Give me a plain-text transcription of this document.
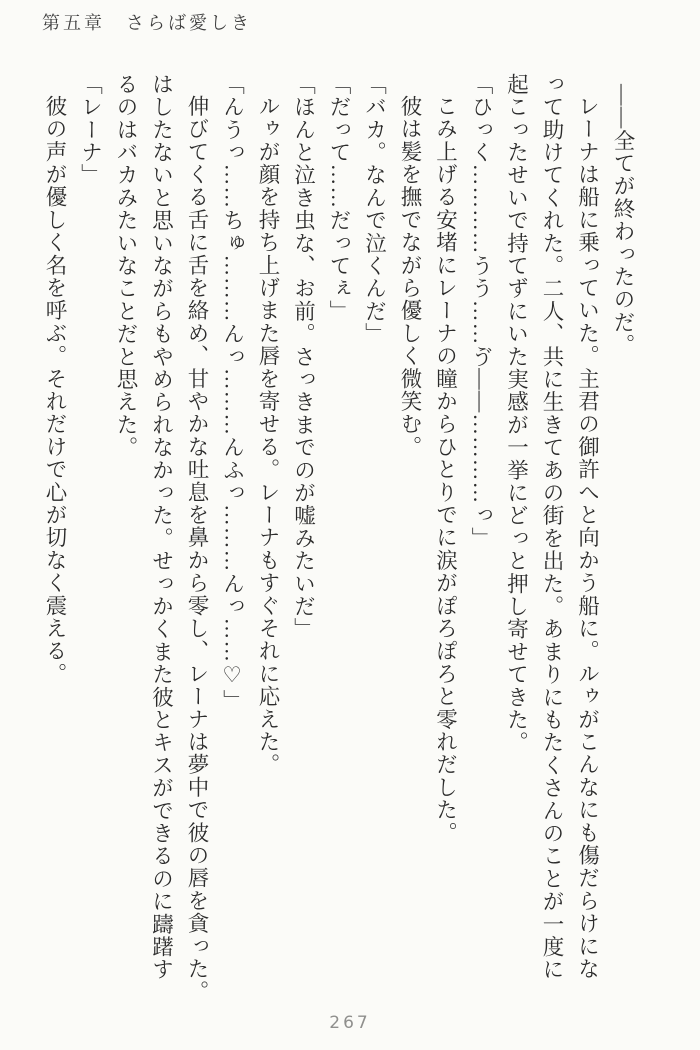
第五章　さらば愛しき

——全てが終わったのだ。

レーナは船に乗っていた。主君の御許へと向かう船に。ルゥがこんなにも傷だらけにな

って助けてくれた。二人、共に生きてあの街を出た。あまりにもたくさんのことが一度に

起こったせいで持てずにいた実感が一挙にどっと押し寄せてきた。

「ひっく…………うう……ゔ——…………っ」

こみ上げる安堵にレーナの瞳からひとりでに涙がぽろぽろと零れだした。

彼は髪を撫でながら優しく微笑む。

「バカ。なんで泣くんだ」

「だって……だってぇ」

「ほんと泣き虫な、お前。さっきまでのが嘘みたいだ」

ルゥが顔を持ち上げまた唇を寄せる。レーナもすぐそれに応えた。

「んうっ……ちゅ………んっ………んふっ………んっ……♡」

伸びてくる舌に舌を絡め、甘やかな吐息を鼻から零し、レーナは夢中で彼の唇を貪った。

はしたないと思いながらもやめられなかった。せっかくまた彼とキスができるのに躊躇す

るのはバカみたいなことだと思えた。

「レーナ」

彼の声が優しく名を呼ぶ。それだけで心が切なく震える。

267
